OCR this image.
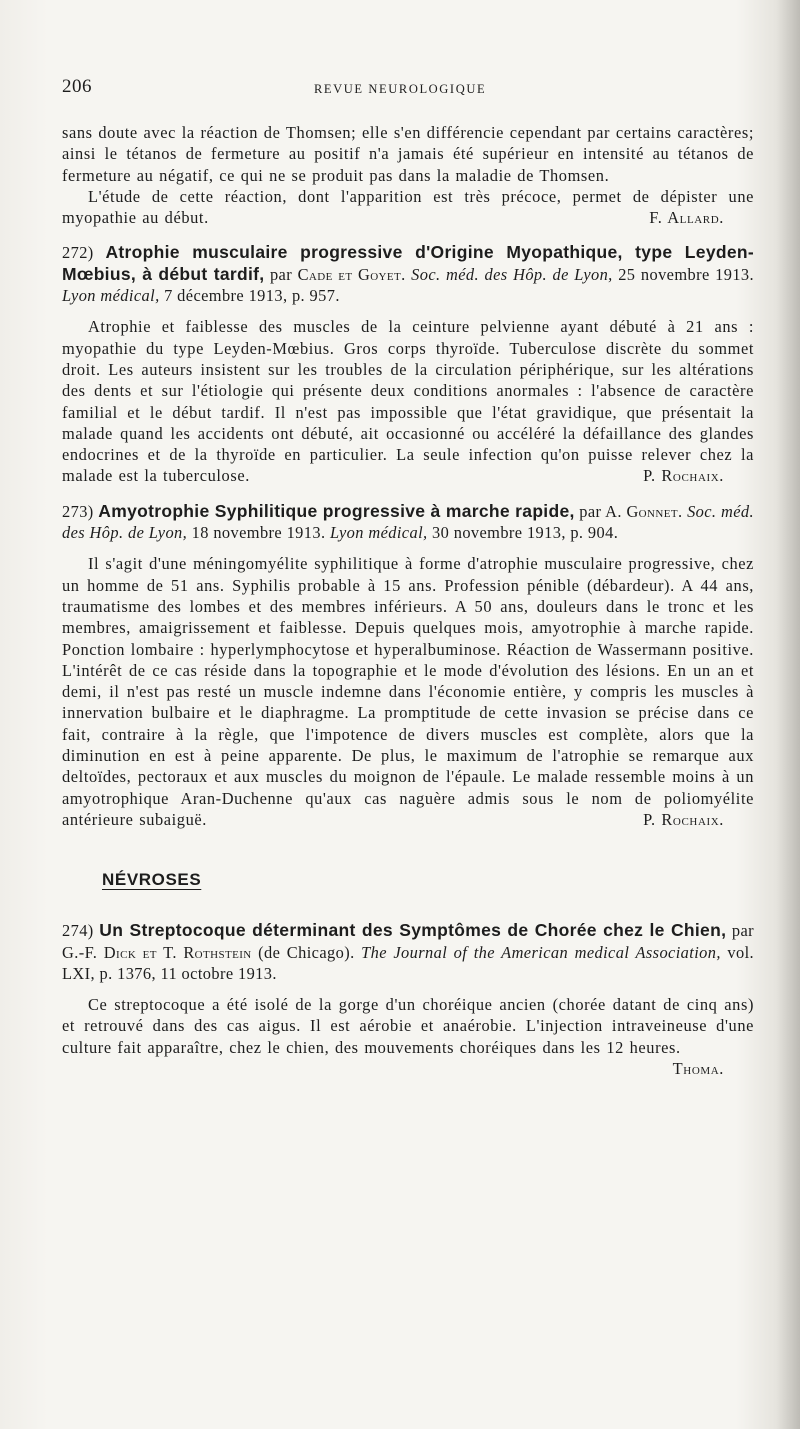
206	REVUE NEUROLOGIQUE

sans doute avec la réaction de Thomsen; elle s'en différencie cependant par certains caractères; ainsi le tétanos de fermeture au positif n'a jamais été supérieur en intensité au tétanos de fermeture au négatif, ce qui ne se produit pas dans la maladie de Thomsen.

L'étude de cette réaction, dont l'apparition est très précoce, permet de dépister une myopathie au début.	F. Allard.

272) Atrophie musculaire progressive d'Origine Myopathique, type Leyden-Mœbius, à début tardif, par Cade et Goyet. Soc. méd. des Hôp. de Lyon, 25 novembre 1913. Lyon médical, 7 décembre 1913, p. 957.

Atrophie et faiblesse des muscles de la ceinture pelvienne ayant débuté à 21 ans : myopathie du type Leyden-Mœbius. Gros corps thyroïde. Tuberculose discrète du sommet droit. Les auteurs insistent sur les troubles de la circulation périphérique, sur les altérations des dents et sur l'étiologie qui présente deux conditions anormales : l'absence de caractère familial et le début tardif. Il n'est pas impossible que l'état gravidique, que présentait la malade quand les accidents ont débuté, ait occasionné ou accéléré la défaillance des glandes endocrines et de la thyroïde en particulier. La seule infection qu'on puisse relever chez la malade est la tuberculose.	P. Rochaix.

273) Amyotrophie Syphilitique progressive à marche rapide, par A. Gonnet. Soc. méd. des Hôp. de Lyon, 18 novembre 1913. Lyon médical, 30 novembre 1913, p. 904.

Il s'agit d'une méningomyélite syphilitique à forme d'atrophie musculaire progressive, chez un homme de 51 ans. Syphilis probable à 15 ans. Profession pénible (débardeur). A 44 ans, traumatisme des lombes et des membres inférieurs. A 50 ans, douleurs dans le tronc et les membres, amaigrissement et faiblesse. Depuis quelques mois, amyotrophie à marche rapide. Ponction lombaire : hyperlymphocytose et hyperalbuminose. Réaction de Wassermann positive. L'intérêt de ce cas réside dans la topographie et le mode d'évolution des lésions. En un an et demi, il n'est pas resté un muscle indemne dans l'économie entière, y compris les muscles à innervation bulbaire et le diaphragme. La promptitude de cette invasion se précise dans ce fait, contraire à la règle, que l'impotence de divers muscles est complète, alors que la diminution en est à peine apparente. De plus, le maximum de l'atrophie se remarque aux deltoïdes, pectoraux et aux muscles du moignon de l'épaule. Le malade ressemble moins à un amyotrophique Aran-Duchenne qu'aux cas naguère admis sous le nom de poliomyélite antérieure subaiguë.	P. Rochaix.

NÉVROSES
274) Un Streptocoque déterminant des Symptômes de Chorée chez le Chien, par G.-F. Dick et T. Rothstein (de Chicago). The Journal of the American medical Association, vol. LXI, p. 1376, 11 octobre 1913.

Ce streptocoque a été isolé de la gorge d'un choréique ancien (chorée datant de cinq ans) et retrouvé dans des cas aigus. Il est aérobie et anaérobie. L'injection intraveineuse d'une culture fait apparaître, chez le chien, des mouvements choréiques dans les 12 heures.
Thoma.
